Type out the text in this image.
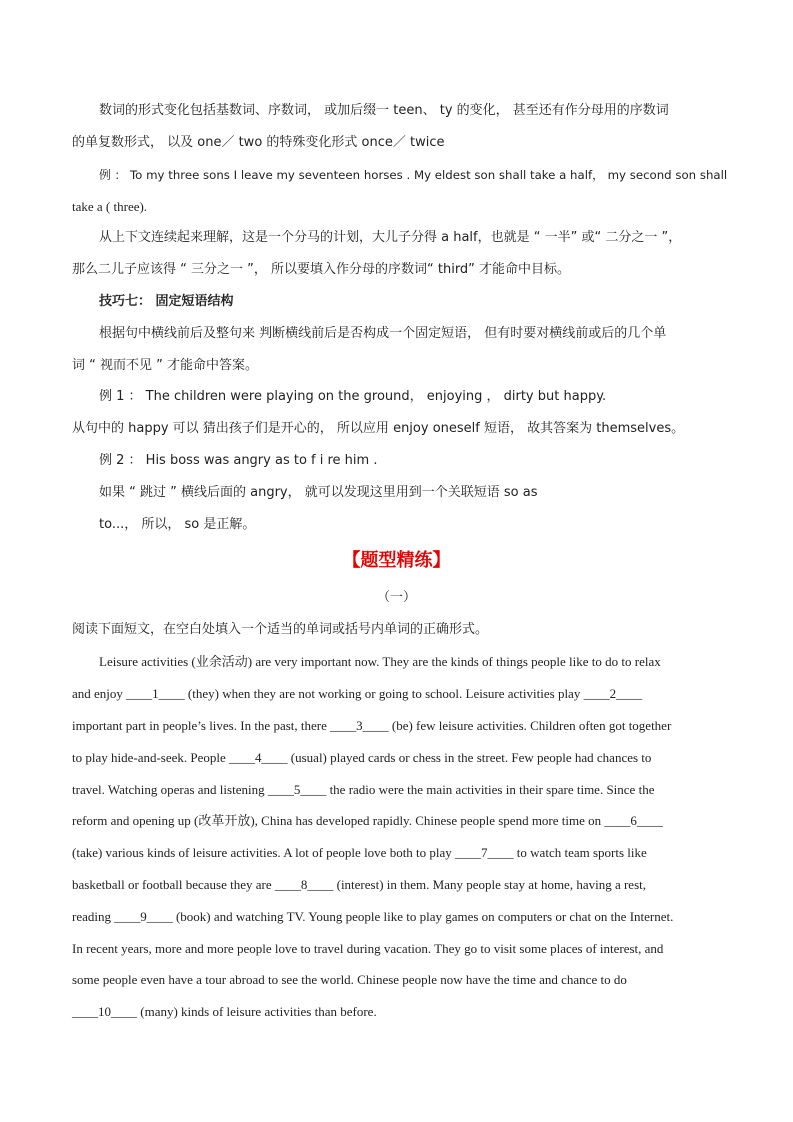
数词的形式变化包括基数词、序数词， 或加后缀一 teen、 ty 的变化， 甚至还有作分母用的序数词
的单复数形式， 以及 one／ two 的特殊变化形式 once／ twice
例 ： To my three sons I leave my seventeen horses . My eldest son shall take a half， my second son shall
take a ( three).
从上下文连续起来理解，这是一个分马的计划，大儿子分得 a half，也就是 “ 一半” 或“ 二分之一 ”，
那么二儿子应该得 “ 三分之一 ”， 所以要填入作分母的序数词“ third” 才能命中目标。
技巧七： 固定短语结构
根据句中横线前后及整句来 判断横线前后是否构成一个固定短语， 但有时要对横线前或后的几个单
词 “ 视而不见 ” 才能命中答案。
例 1 ： The children were playing on the ground， enjoying ， dirty but happy.
从句中的 happy 可以 猜出孩子们是开心的， 所以应用 enjoy oneself 短语， 故其答案为 themselves。
例 2 ： His boss was angry as to f i re him .
如果 “ 跳过 ” 横线后面的 angry， 就可以发现这里用到一个关联短语 so as
to...， 所以， so 是正解。
【题型精练】
（一）
阅读下面短文，在空白处填入一个适当的单词或括号内单词的正确形式。
Leisure activities (业余活动) are very important now. They are the kinds of things people like to do to relax
and enjoy ____1____ (they) when they are not working or going to school. Leisure activities play ____2____
important part in people’s lives. In the past, there ____3____ (be) few leisure activities. Children often got together
to play hide-and-seek. People ____4____ (usual) played cards or chess in the street. Few people had chances to
travel. Watching operas and listening ____5____ the radio were the main activities in their spare time. Since the
reform and opening up (改革开放), China has developed rapidly. Chinese people spend more time on ____6____
(take) various kinds of leisure activities. A lot of people love both to play ____7____ to watch team sports like
basketball or football because they are ____8____ (interest) in them. Many people stay at home, having a rest,
reading ____9____ (book) and watching TV. Young people like to play games on computers or chat on the Internet.
In recent years, more and more people love to travel during vacation. They go to visit some places of interest, and
some people even have a tour abroad to see the world. Chinese people now have the time and chance to do
____10____ (many) kinds of leisure activities than before.
